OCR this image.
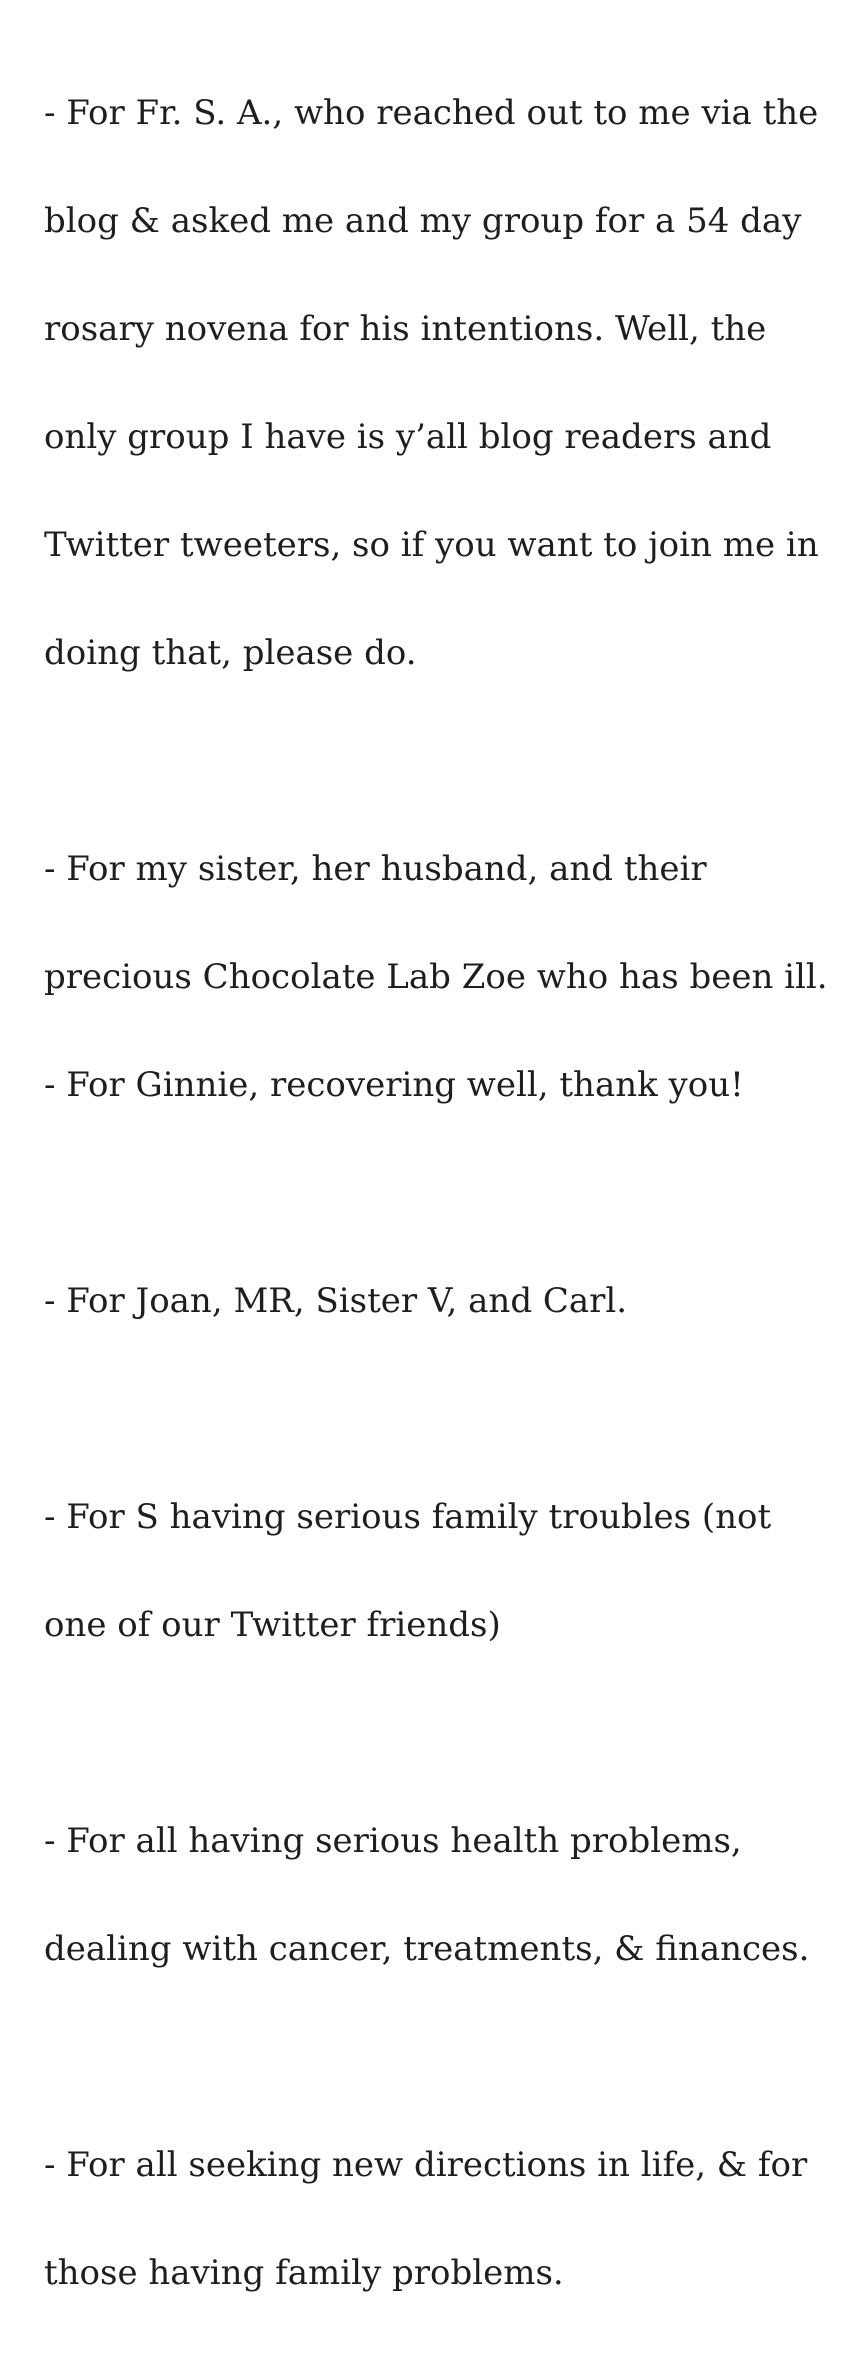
- For Fr. S. A., who reached out to me via the

blog & asked me and my group for a 54 day

rosary novena for his intentions. Well, the

only group I have is y’all blog readers and

Twitter tweeters, so if you want to join me in

doing that, please do.

- For my sister, her husband, and their

precious Chocolate Lab Zoe who has been ill.

- For Ginnie, recovering well, thank you!

- For Joan, MR, Sister V, and Carl.

- For S having serious family troubles (not

one of our Twitter friends)

- For all having serious health problems,

dealing with cancer, treatments, & finances.

- For all seeking new directions in life, & for

those having family problems.
